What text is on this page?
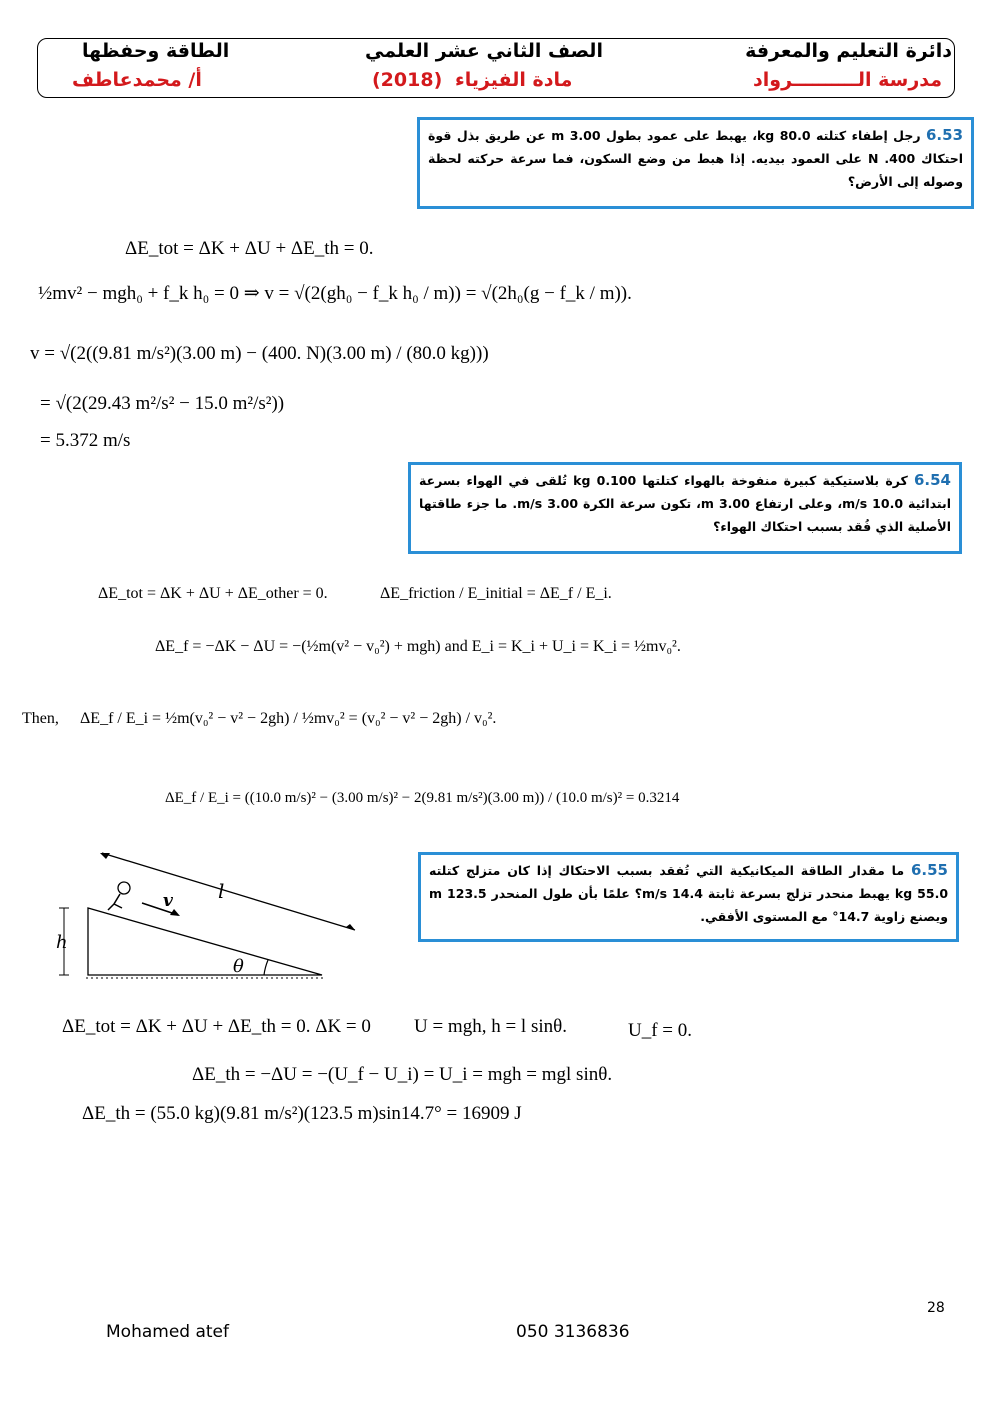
دائرة التعليم والمعرفة
مدرسة الــــــــــرواد
الصف الثاني عشر العلمي
مادة الفيزياء
(2018)
الطاقة وحفظها
أ/ محمدعاطف
6.53 رجل إطفاء كتلته 80.0 kg، يهبط على عمود بطول 3.00 m عن طريق بذل قوة احتكاك 400. N على العمود بيديه. إذا هبط من وضع السكون، فما سرعة حركته لحظة وصوله إلى الأرض؟
ΔE_tot = ΔK + ΔU + ΔE_th = 0.
½mv² − mgh₀ + f_k h₀ = 0 ⇒ v = √(2(gh₀ − f_k h₀ / m)) = √(2h₀(g − f_k / m)).
v = √(2((9.81 m/s²)(3.00 m) − (400. N)(3.00 m) / (80.0 kg)))
= √(2(29.43 m²/s² − 15.0 m²/s²))
= 5.372 m/s
6.54 كرة بلاستيكية كبيرة منفوخة بالهواء كتلتها 0.100 kg تُلقى في الهواء بسرعة ابتدائية 10.0 m/s، وعلى ارتفاع 3.00 m، تكون سرعة الكرة 3.00 m/s. ما جزء طاقتها الأصلية الذي فُقد بسبب احتكاك الهواء؟
ΔE_tot = ΔK + ΔU + ΔE_other = 0.	ΔE_friction / E_initial = ΔE_f / E_i.
ΔE_f = −ΔK − ΔU = −(½m(v² − v₀²) + mgh) and E_i = K_i + U_i = K_i = ½mv₀².
Then, ΔE_f / E_i = ½m(v₀² − v² − 2gh) / ½mv₀² = (v₀² − v² − 2gh) / v₀².
ΔE_f / E_i = ((10.0 m/s)² − (3.00 m/s)² − 2(9.81 m/s²)(3.00 m)) / (10.0 m/s)² = 0.3214
6.55 ما مقدار الطاقة الميكانيكية التي تُفقد بسبب الاحتكاك إذا كان متزلج كتلته 55.0 kg يهبط منحدر تزلج بسرعة ثابتة 14.4 m/s؟ علمًا بأن طول المنحدر 123.5 m ويصنع زاوية 14.7° مع المستوى الأفقي.
l
v
h
θ
ΔE_tot = ΔK + ΔU + ΔE_th = 0. ΔK = 0 U = mgh, h = l sinθ.	U_f = 0.
ΔE_th = −ΔU = −(U_f − U_i) = U_i = mgh = mgl sinθ.
ΔE_th = (55.0 kg)(9.81 m/s²)(123.5 m)sin14.7° = 16909 J
28
Mohamed atef	050 3136836
